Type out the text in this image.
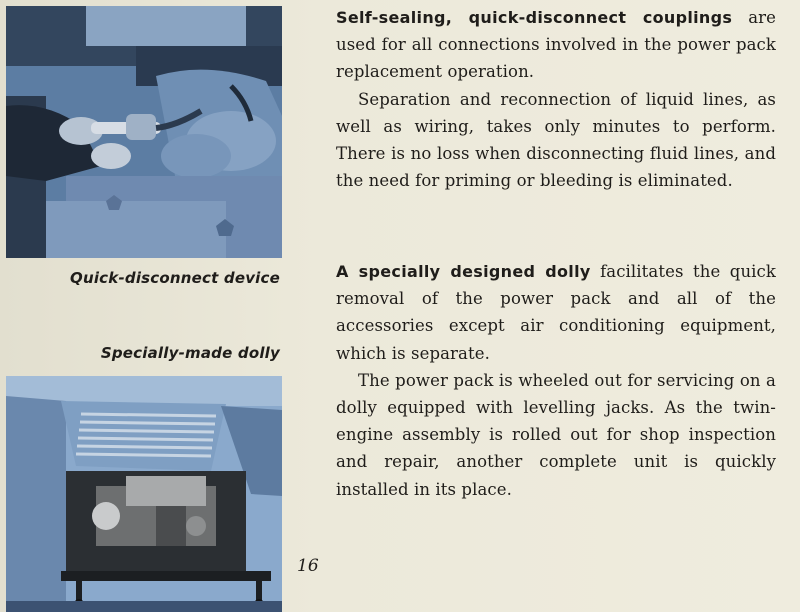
Quick-disconnect device
Specially-made dolly

Self-sealing, quick-disconnect couplings are used for all connections involved in the power pack replacement operation.

Separation and reconnection of liquid lines, as well as wiring, takes only minutes to perform. There is no loss when disconnecting fluid lines, and the need for priming or bleeding is eliminated.

A specially designed dolly facilitates the quick removal of the power pack and all of the accessories except air conditioning equipment, which is separate.

The power pack is wheeled out for servicing on a dolly equipped with levelling jacks. As the twin-engine assembly is rolled out for shop inspection and repair, another complete unit is quickly installed in its place.

16
